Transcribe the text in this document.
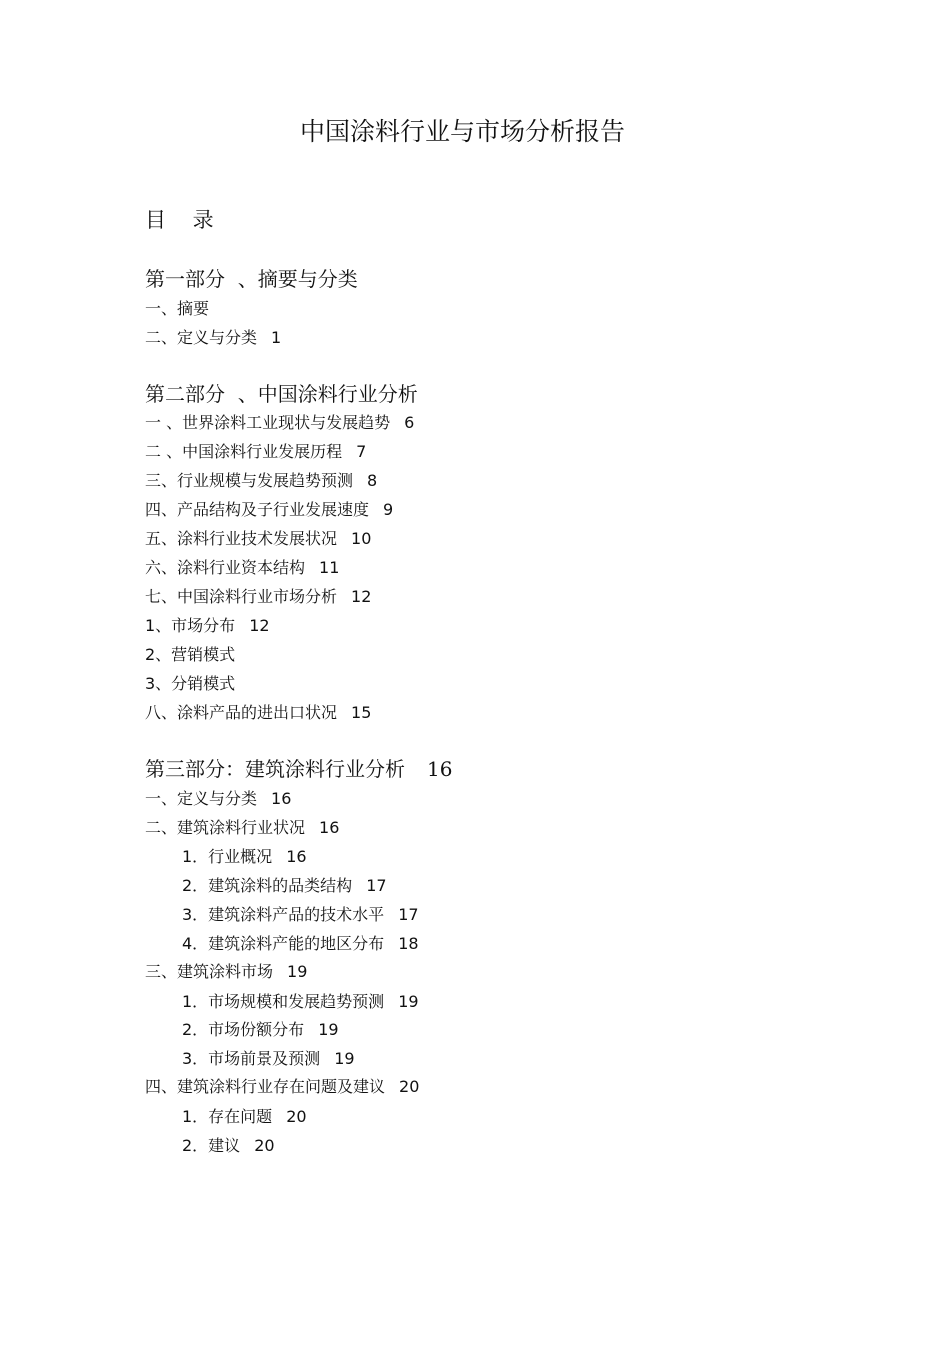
中国涂料行业与市场分析报告
目 录
第一部分  、摘要与分类
一、摘要
二、定义与分类 1
第二部分  、中国涂料行业分析
一 、世界涂料工业现状与发展趋势 6
二 、中国涂料行业发展历程 7
三、行业规模与发展趋势预测 8
四、产品结构及子行业发展速度 9
五、涂料行业技术发展状况 10
六、涂料行业资本结构 11
七、中国涂料行业市场分析 12
1、市场分布 12
2、营销模式
3、分销模式
八、涂料产品的进出口状况 15
第三部分：建筑涂料行业分析 16
一、定义与分类 16
二、建筑涂料行业状况 16
1．行业概况 16
2．建筑涂料的品类结构 17
3．建筑涂料产品的技术水平 17
4．建筑涂料产能的地区分布 18
三、建筑涂料市场 19
1．市场规模和发展趋势预测 19
2．市场份额分布 19
3．市场前景及预测 19
四、建筑涂料行业存在问题及建议 20
1．存在问题 20
2．建议 20
